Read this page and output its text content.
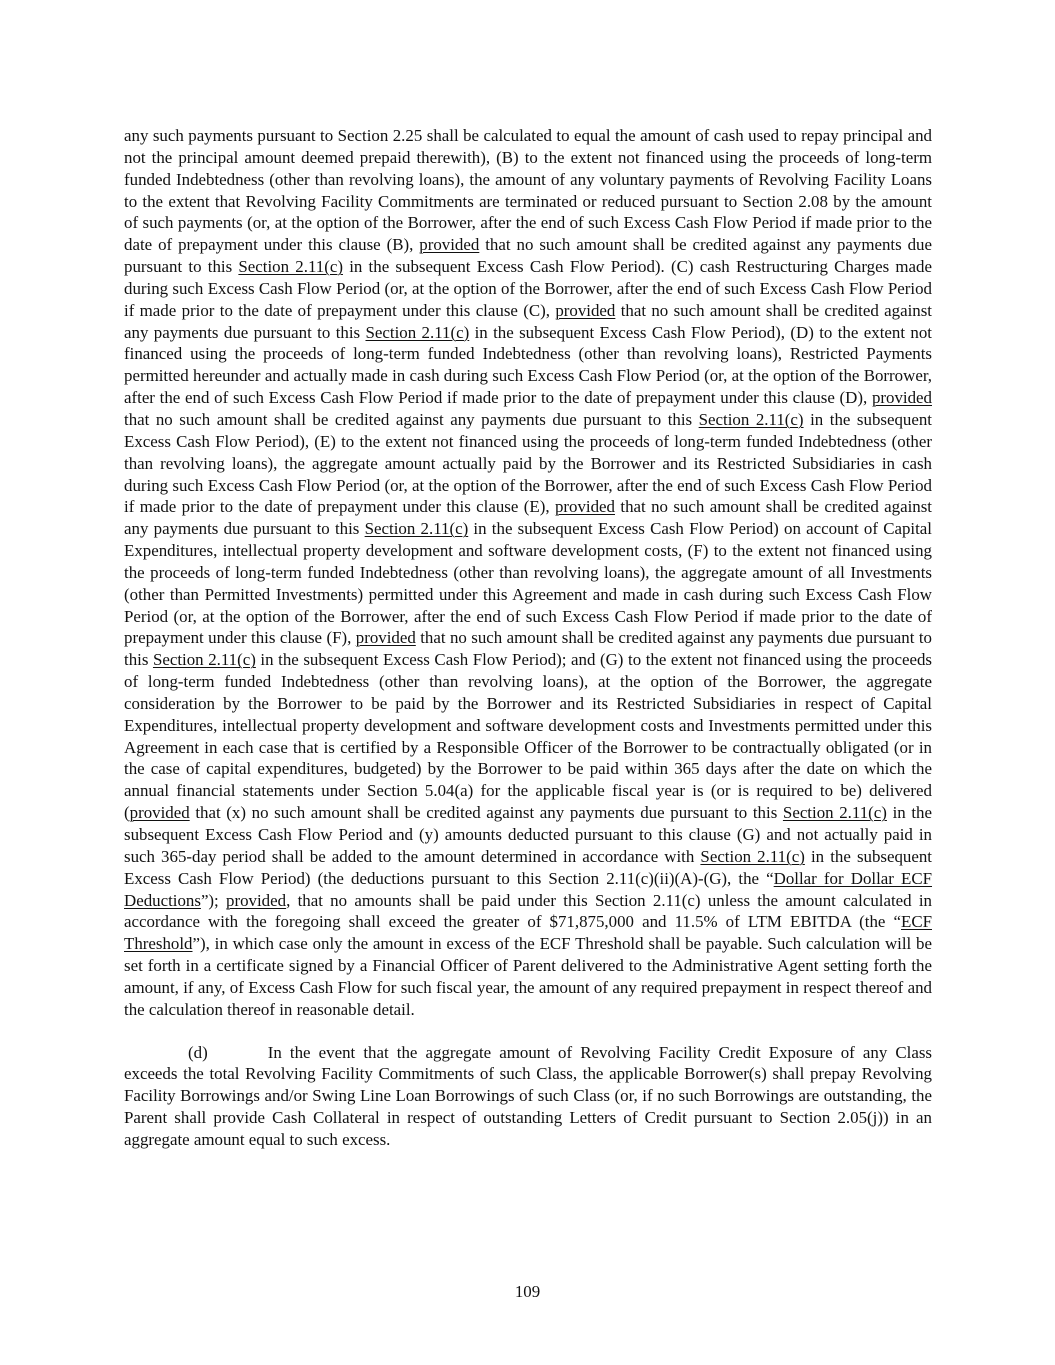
any such payments pursuant to Section 2.25 shall be calculated to equal the amount of cash used to repay principal and not the principal amount deemed prepaid therewith), (B) to the extent not financed using the proceeds of long-term funded Indebtedness (other than revolving loans), the amount of any voluntary payments of Revolving Facility Loans to the extent that Revolving Facility Commitments are terminated or reduced pursuant to Section 2.08 by the amount of such payments (or, at the option of the Borrower, after the end of such Excess Cash Flow Period if made prior to the date of prepayment under this clause (B), provided that no such amount shall be credited against any payments due pursuant to this Section 2.11(c) in the subsequent Excess Cash Flow Period). (C) cash Restructuring Charges made during such Excess Cash Flow Period (or, at the option of the Borrower, after the end of such Excess Cash Flow Period if made prior to the date of prepayment under this clause (C), provided that no such amount shall be credited against any payments due pursuant to this Section 2.11(c) in the subsequent Excess Cash Flow Period), (D) to the extent not financed using the proceeds of long-term funded Indebtedness (other than revolving loans), Restricted Payments permitted hereunder and actually made in cash during such Excess Cash Flow Period (or, at the option of the Borrower, after the end of such Excess Cash Flow Period if made prior to the date of prepayment under this clause (D), provided that no such amount shall be credited against any payments due pursuant to this Section 2.11(c) in the subsequent Excess Cash Flow Period), (E) to the extent not financed using the proceeds of long-term funded Indebtedness (other than revolving loans), the aggregate amount actually paid by the Borrower and its Restricted Subsidiaries in cash during such Excess Cash Flow Period (or, at the option of the Borrower, after the end of such Excess Cash Flow Period if made prior to the date of prepayment under this clause (E), provided that no such amount shall be credited against any payments due pursuant to this Section 2.11(c) in the subsequent Excess Cash Flow Period) on account of Capital Expenditures, intellectual property development and software development costs, (F) to the extent not financed using the proceeds of long-term funded Indebtedness (other than revolving loans), the aggregate amount of all Investments (other than Permitted Investments) permitted under this Agreement and made in cash during such Excess Cash Flow Period (or, at the option of the Borrower, after the end of such Excess Cash Flow Period if made prior to the date of prepayment under this clause (F), provided that no such amount shall be credited against any payments due pursuant to this Section 2.11(c) in the subsequent Excess Cash Flow Period); and (G) to the extent not financed using the proceeds of long-term funded Indebtedness (other than revolving loans), at the option of the Borrower, the aggregate consideration by the Borrower to be paid by the Borrower and its Restricted Subsidiaries in respect of Capital Expenditures, intellectual property development and software development costs and Investments permitted under this Agreement in each case that is certified by a Responsible Officer of the Borrower to be contractually obligated (or in the case of capital expenditures, budgeted) by the Borrower to be paid within 365 days after the date on which the annual financial statements under Section 5.04(a) for the applicable fiscal year is (or is required to be) delivered (provided that (x) no such amount shall be credited against any payments due pursuant to this Section 2.11(c) in the subsequent Excess Cash Flow Period and (y) amounts deducted pursuant to this clause (G) and not actually paid in such 365-day period shall be added to the amount determined in accordance with Section 2.11(c) in the subsequent Excess Cash Flow Period) (the deductions pursuant to this Section 2.11(c)(ii)(A)-(G), the “Dollar for Dollar ECF Deductions”); provided, that no amounts shall be paid under this Section 2.11(c) unless the amount calculated in accordance with the foregoing shall exceed the greater of $71,875,000 and 11.5% of LTM EBITDA (the “ECF Threshold”), in which case only the amount in excess of the ECF Threshold shall be payable. Such calculation will be set forth in a certificate signed by a Financial Officer of Parent delivered to the Administrative Agent setting forth the amount, if any, of Excess Cash Flow for such fiscal year, the amount of any required prepayment in respect thereof and the calculation thereof in reasonable detail.

(d)	In the event that the aggregate amount of Revolving Facility Credit Exposure of any Class exceeds the total Revolving Facility Commitments of such Class, the applicable Borrower(s) shall prepay Revolving Facility Borrowings and/or Swing Line Loan Borrowings of such Class (or, if no such Borrowings are outstanding, the Parent shall provide Cash Collateral in respect of outstanding Letters of Credit pursuant to Section 2.05(j)) in an aggregate amount equal to such excess.

109
